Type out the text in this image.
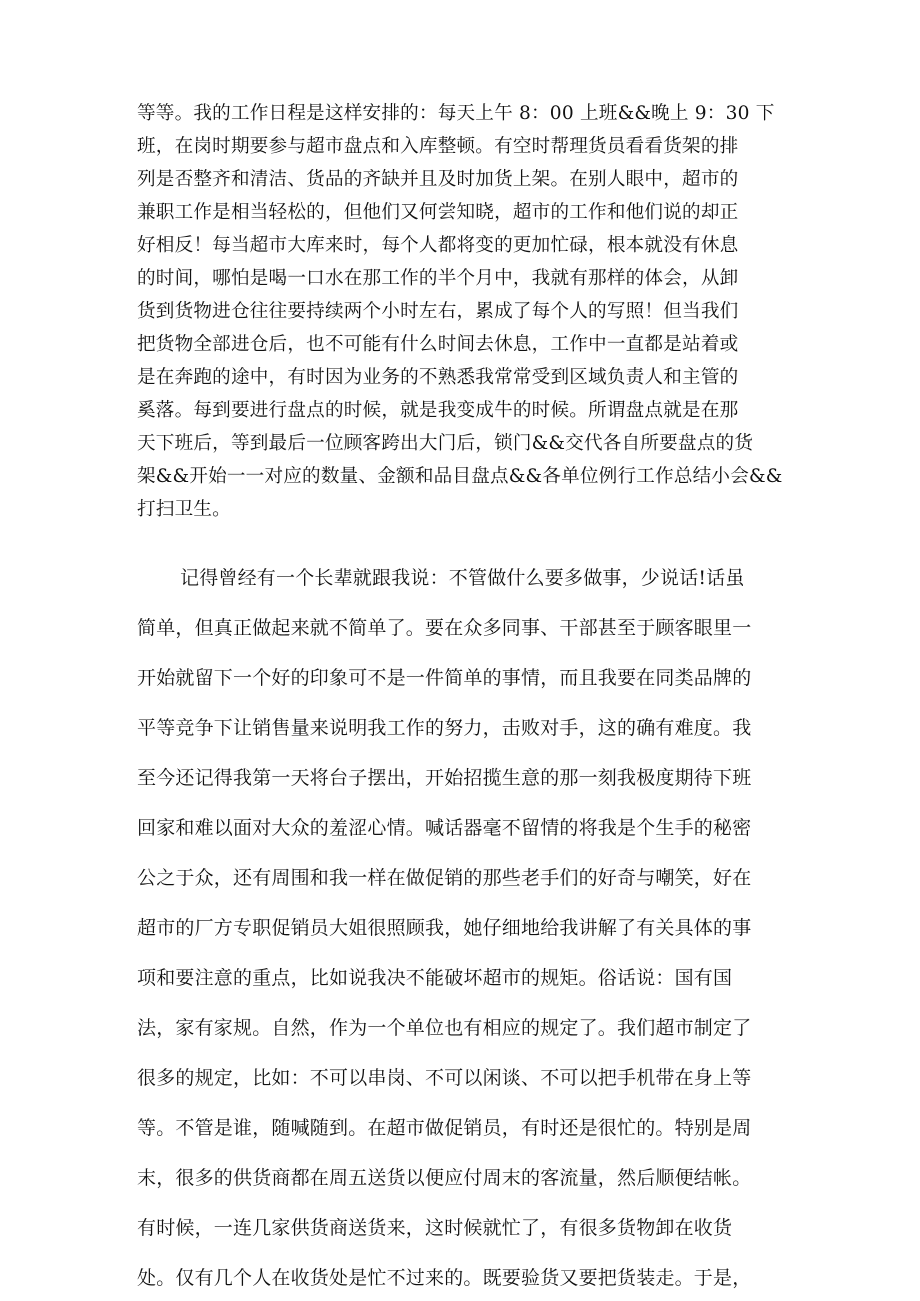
等等。我的工作日程是这样安排的：每天上午 8：00 上班&&晚上 9：30 下
班，在岗时期要参与超市盘点和入库整顿。有空时帮理货员看看货架的排
列是否整齐和清洁、货品的齐缺并且及时加货上架。在别人眼中，超市的
兼职工作是相当轻松的，但他们又何尝知晓，超市的工作和他们说的却正
好相反！每当超市大库来时，每个人都将变的更加忙碌，根本就没有休息
的时间，哪怕是喝一口水在那工作的半个月中，我就有那样的体会，从卸
货到货物进仓往往要持续两个小时左右，累成了每个人的写照！但当我们
把货物全部进仓后，也不可能有什么时间去休息，工作中一直都是站着或
是在奔跑的途中，有时因为业务的不熟悉我常常受到区域负责人和主管的
奚落。每到要进行盘点的时候，就是我变成牛的时候。所谓盘点就是在那
天下班后，等到最后一位顾客跨出大门后，锁门&&交代各自所要盘点的货
架&&开始一一对应的数量、金额和品目盘点&&各单位例行工作总结小会&&
打扫卫生。
记得曾经有一个长辈就跟我说：不管做什么要多做事，少说话!话虽
简单，但真正做起来就不简单了。要在众多同事、干部甚至于顾客眼里一
开始就留下一个好的印象可不是一件简单的事情，而且我要在同类品牌的
平等竞争下让销售量来说明我工作的努力，击败对手，这的确有难度。我
至今还记得我第一天将台子摆出，开始招揽生意的那一刻我极度期待下班
回家和难以面对大众的羞涩心情。喊话器毫不留情的将我是个生手的秘密
公之于众，还有周围和我一样在做促销的那些老手们的好奇与嘲笑，好在
超市的厂方专职促销员大姐很照顾我，她仔细地给我讲解了有关具体的事
项和要注意的重点，比如说我决不能破坏超市的规矩。俗话说：国有国
法，家有家规。自然，作为一个单位也有相应的规定了。我们超市制定了
很多的规定，比如：不可以串岗、不可以闲谈、不可以把手机带在身上等
等。不管是谁，随喊随到。在超市做促销员，有时还是很忙的。特别是周
末，很多的供货商都在周五送货以便应付周末的客流量，然后顺便结帐。
有时候，一连几家供货商送货来，这时候就忙了，有很多货物卸在收货
处。仅有几个人在收货处是忙不过来的。既要验货又要把货装走。于是，
